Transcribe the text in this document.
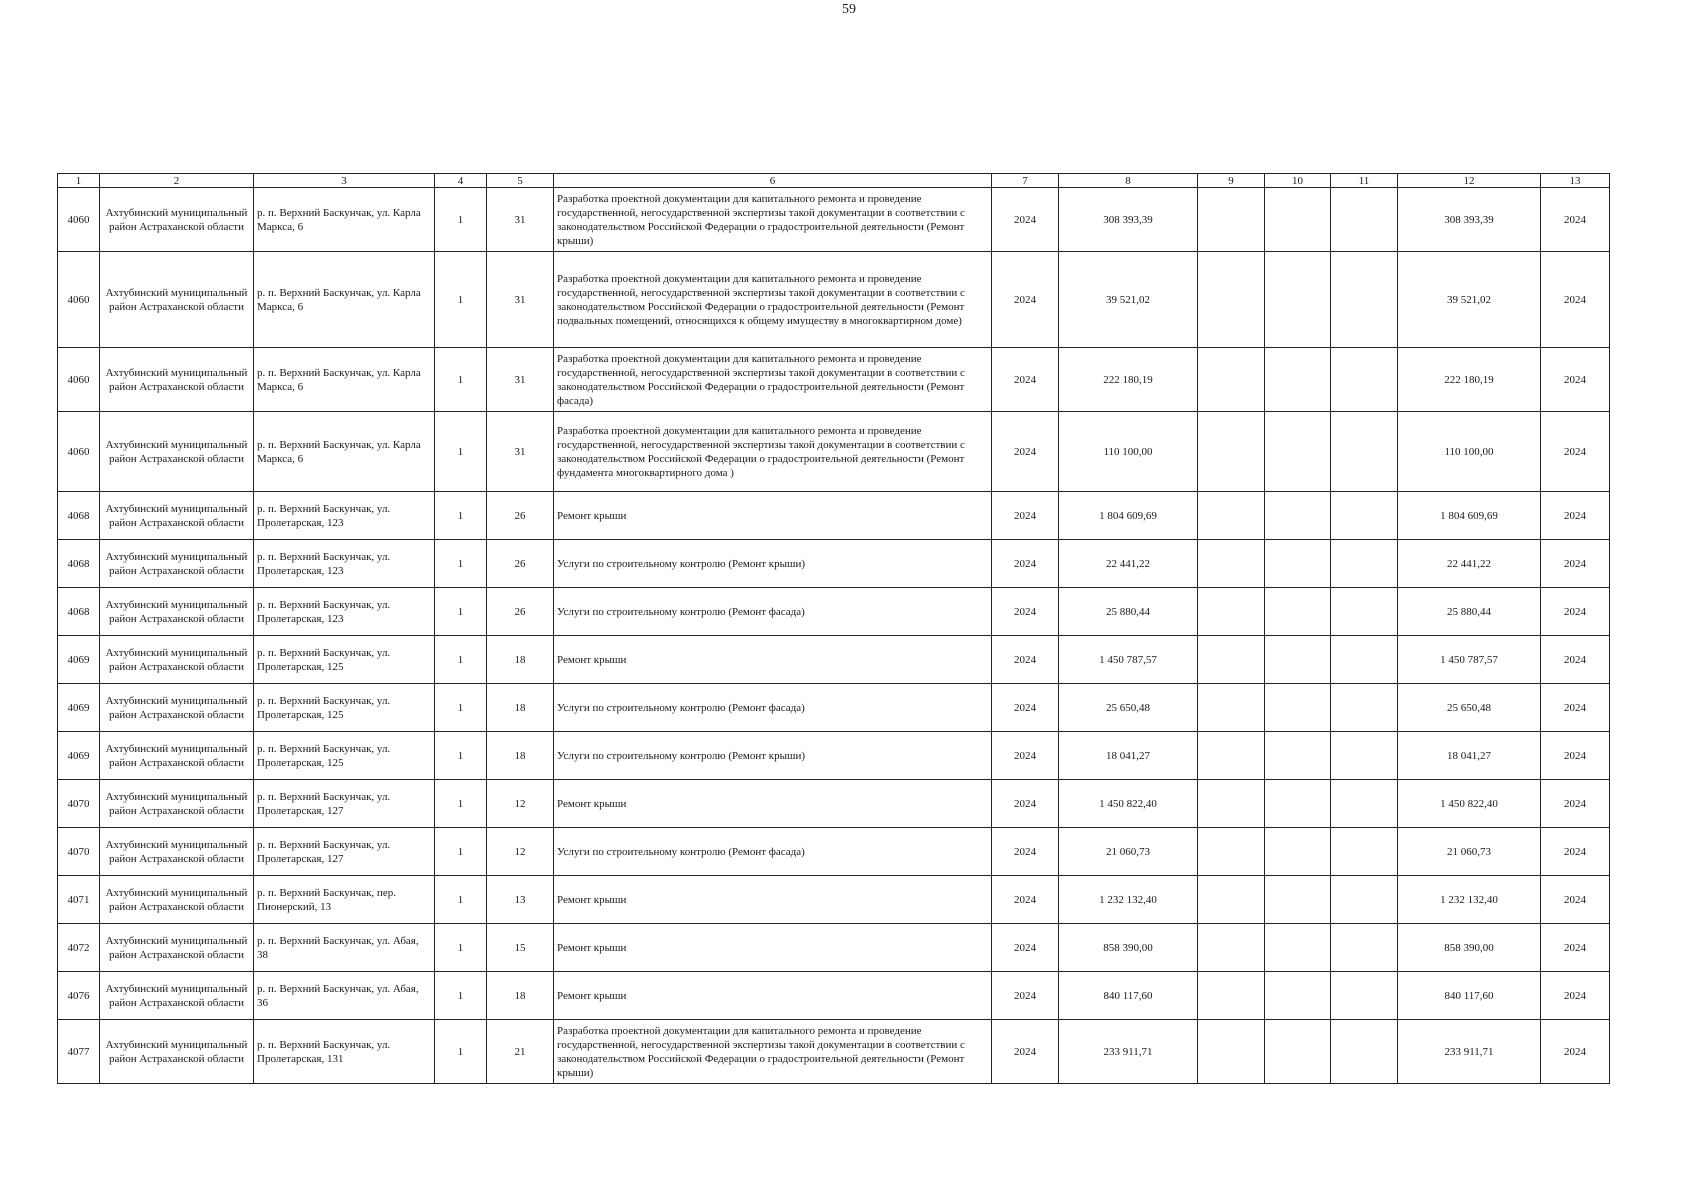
59
1	2	3	4	5	6	7	8	9	10	11	12	13
4060	Ахтубинский муниципальный район Астраханской области	р. п. Верхний Баскунчак, ул. Карла Маркса, 6	1	31	Разработка проектной документации для капитального ремонта и проведение государственной, негосударственной экспертизы такой документации в соответствии с законодательством Российской Федерации о градостроительной деятельности (Ремонт крыши)	2024	308 393,39				308 393,39	2024
4060	Ахтубинский муниципальный район Астраханской области	р. п. Верхний Баскунчак, ул. Карла Маркса, 6	1	31	Разработка проектной документации для капитального ремонта и проведение государственной, негосударственной экспертизы такой документации в соответствии с законодательством Российской Федерации о градостроительной деятельности (Ремонт подвальных помещений, относящихся к общему имуществу в многоквартирном доме)	2024	39 521,02				39 521,02	2024
4060	Ахтубинский муниципальный район Астраханской области	р. п. Верхний Баскунчак, ул. Карла Маркса, 6	1	31	Разработка проектной документации для капитального ремонта и проведение государственной, негосударственной экспертизы такой документации в соответствии с законодательством Российской Федерации о градостроительной деятельности (Ремонт фасада)	2024	222 180,19				222 180,19	2024
4060	Ахтубинский муниципальный район Астраханской области	р. п. Верхний Баскунчак, ул. Карла Маркса, 6	1	31	Разработка проектной документации для капитального ремонта и проведение государственной, негосударственной экспертизы такой документации в соответствии с законодательством Российской Федерации о градостроительной деятельности (Ремонт фундамента многоквартирного дома )	2024	110 100,00				110 100,00	2024
4068	Ахтубинский муниципальный район Астраханской области	р. п. Верхний Баскунчак, ул. Пролетарская, 123	1	26	Ремонт крыши	2024	1 804 609,69				1 804 609,69	2024
4068	Ахтубинский муниципальный район Астраханской области	р. п. Верхний Баскунчак, ул. Пролетарская, 123	1	26	Услуги по строительному контролю (Ремонт крыши)	2024	22 441,22				22 441,22	2024
4068	Ахтубинский муниципальный район Астраханской области	р. п. Верхний Баскунчак, ул. Пролетарская, 123	1	26	Услуги по строительному контролю (Ремонт фасада)	2024	25 880,44				25 880,44	2024
4069	Ахтубинский муниципальный район Астраханской области	р. п. Верхний Баскунчак, ул. Пролетарская, 125	1	18	Ремонт крыши	2024	1 450 787,57				1 450 787,57	2024
4069	Ахтубинский муниципальный район Астраханской области	р. п. Верхний Баскунчак, ул. Пролетарская, 125	1	18	Услуги по строительному контролю (Ремонт фасада)	2024	25 650,48				25 650,48	2024
4069	Ахтубинский муниципальный район Астраханской области	р. п. Верхний Баскунчак, ул. Пролетарская, 125	1	18	Услуги по строительному контролю (Ремонт крыши)	2024	18 041,27				18 041,27	2024
4070	Ахтубинский муниципальный район Астраханской области	р. п. Верхний Баскунчак, ул. Пролетарская, 127	1	12	Ремонт крыши	2024	1 450 822,40				1 450 822,40	2024
4070	Ахтубинский муниципальный район Астраханской области	р. п. Верхний Баскунчак, ул. Пролетарская, 127	1	12	Услуги по строительному контролю (Ремонт фасада)	2024	21 060,73				21 060,73	2024
4071	Ахтубинский муниципальный район Астраханской области	р. п. Верхний Баскунчак, пер. Пионерский, 13	1	13	Ремонт крыши	2024	1 232 132,40				1 232 132,40	2024
4072	Ахтубинский муниципальный район Астраханской области	р. п. Верхний Баскунчак, ул. Абая, 38	1	15	Ремонт крыши	2024	858 390,00				858 390,00	2024
4076	Ахтубинский муниципальный район Астраханской области	р. п. Верхний Баскунчак, ул. Абая, 36	1	18	Ремонт крыши	2024	840 117,60				840 117,60	2024
4077	Ахтубинский муниципальный район Астраханской области	р. п. Верхний Баскунчак, ул. Пролетарская, 131	1	21	Разработка проектной документации для капитального ремонта и проведение государственной, негосударственной экспертизы такой документации в соответствии с законодательством Российской Федерации о градостроительной деятельности (Ремонт крыши)	2024	233 911,71				233 911,71	2024
